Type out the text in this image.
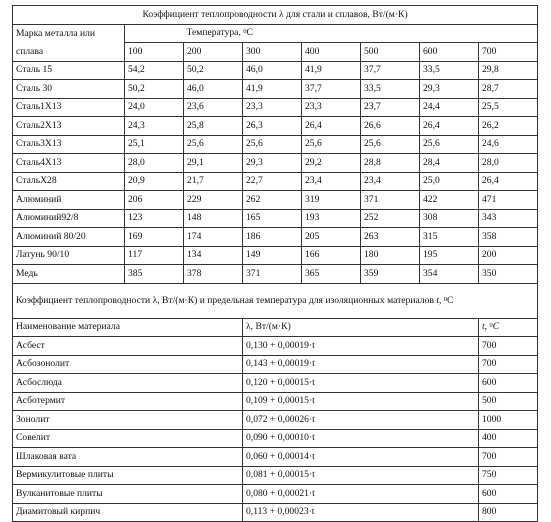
Коэффициент теплопроводности λ для стали и сплавов, Вт/(м·К)							
Марка металла или		Температура, $^0$C					
сплава	100	200	300	400	500	600	700
Сталь 15	54,2	50,2	46,0	41,9	37,7	33,5	29,8
Сталь 30	50,2	46,0	41,9	37,7	33,5	29,3	28,7
Сталь1Х13	24,0	23,6	23,3	23,3	23,7	24,4	25,5
Сталь2Х13	24,3	25,8	26,3	26,4	26,6	26,4	26,2
Сталь3Х13	25,1	25,6	25,6	25,6	25,6	25,6	24,6
Сталь4Х13	28,0	29,1	29,3	29,2	28,8	28,4	28,0
СтальХ28	20,9	21,7	22,7	23,4	23,4	25,0	26,4
Алюминий	206	229	262	319	371	422	471
Алюминий92/8	123	148	165	193	252	308	343
Алюминий 80/20	169	174	186	205	263	315	358
Латунь 90/10	117	134	149	166	180	195	200
Медь	385	378	371	365	359	354	350
Коэффициент теплопроводности λ, Вт/(м·К) и предельная температура для изоляционных материалов t, $^0$C							
Наименование материала			λ, Вт/(м·К)				t, $^0$C
Асбест			0,130 + 0,00019·t				700
Асбозонолит			0,143 + 0,00019·t				700
Асбослюда			0,120 + 0,00015·t				600
Асботермит			0,109 + 0,00015·t				500
Зонолит			0,072 + 0,00026·t				1000
Совелит			0,090 + 0,00010·t				400
Шлаковая вата			0,060 + 0,00014·t				700
Вермикулитовые плиты			0,081 + 0,00015·t				750
Вулканитовые плиты			0,080 + 0,00021·t				600
Диамитовый кирпич			0,113 + 0,00023·t				800
